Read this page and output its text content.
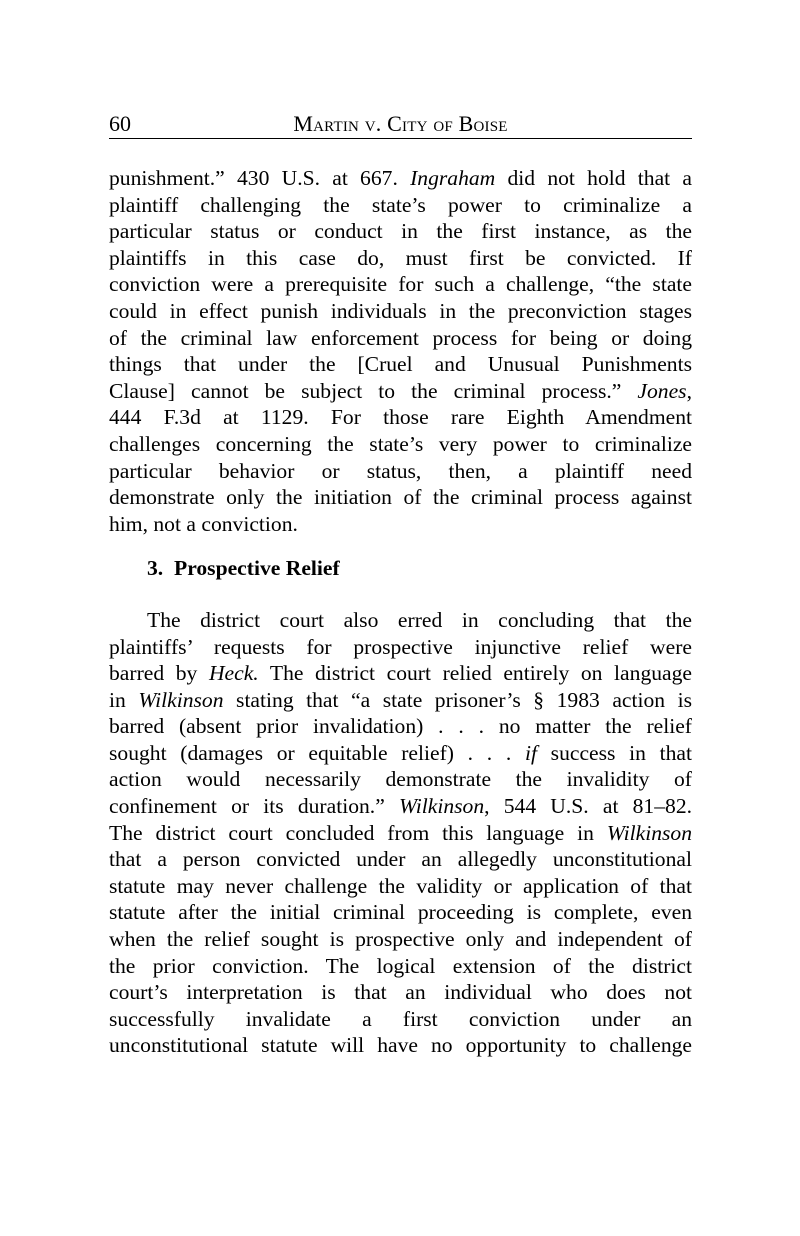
60	Martin v. City of Boise
punishment.” 430 U.S. at 667. Ingraham did not hold that a
plaintiff challenging the state’s power to criminalize a
particular status or conduct in the first instance, as the
plaintiffs in this case do, must first be convicted. If
conviction were a prerequisite for such a challenge, “the state
could in effect punish individuals in the preconviction stages
of the criminal law enforcement process for being or doing
things that under the [Cruel and Unusual Punishments
Clause] cannot be subject to the criminal process.” Jones,
444 F.3d at 1129. For those rare Eighth Amendment
challenges concerning the state’s very power to criminalize
particular behavior or status, then, a plaintiff need
demonstrate only the initiation of the criminal process against
him, not a conviction.
3. Prospective Relief
The district court also erred in concluding that the
plaintiffs’ requests for prospective injunctive relief were
barred by Heck. The district court relied entirely on language
in Wilkinson stating that “a state prisoner’s § 1983 action is
barred (absent prior invalidation) . . . no matter the relief
sought (damages or equitable relief) . . . if success in that
action would necessarily demonstrate the invalidity of
confinement or its duration.” Wilkinson, 544 U.S. at 81–82.
The district court concluded from this language in Wilkinson
that a person convicted under an allegedly unconstitutional
statute may never challenge the validity or application of that
statute after the initial criminal proceeding is complete, even
when the relief sought is prospective only and independent of
the prior conviction. The logical extension of the district
court’s interpretation is that an individual who does not
successfully invalidate a first conviction under an
unconstitutional statute will have no opportunity to challenge
